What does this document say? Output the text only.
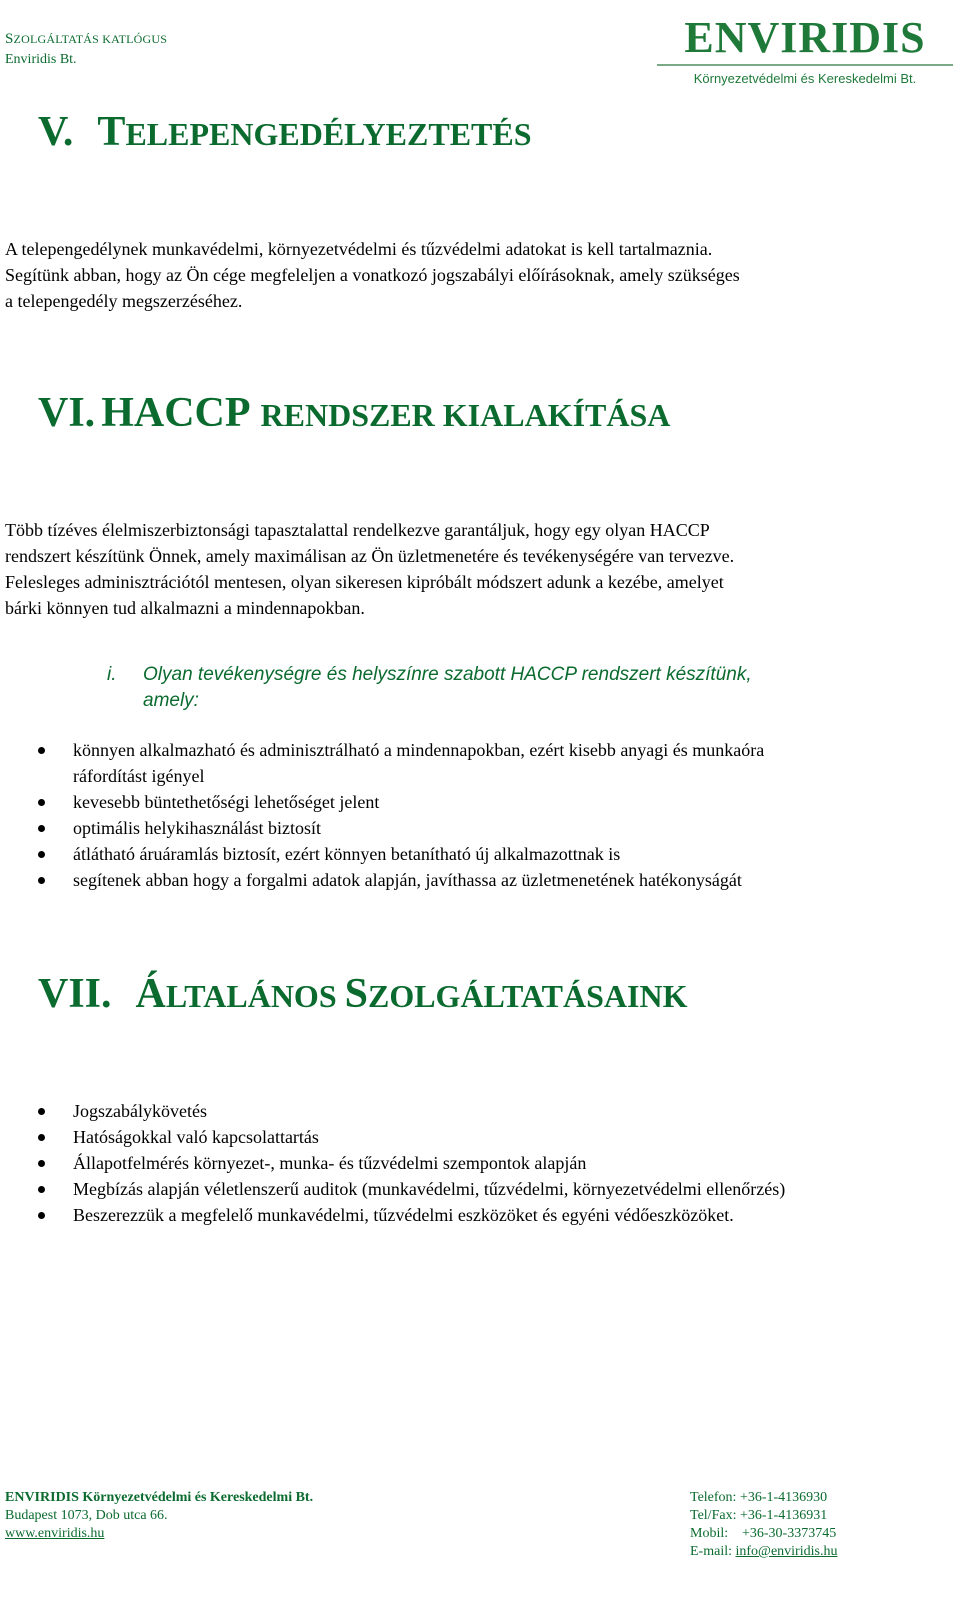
SZOLGÁLTATÁS KATLÓGUS
Enviridis Bt.	ENVIRIDIS
Környezetvédelmi és Kereskedelmi Bt.
V. TELEPENGEDÉLYEZTETÉS
A telepengedélynek munkavédelmi, környezetvédelmi és tűzvédelmi adatokat is kell tartalmaznia.
Segítünk abban, hogy az Ön cége megfeleljen a vonatkozó jogszabályi előírásoknak, amely szükséges
a telepengedély megszerzéséhez.
VI. HACCP RENDSZER KIALAKÍTÁSA
Több tízéves élelmiszerbiztonsági tapasztalattal rendelkezve garantáljuk, hogy egy olyan HACCP
rendszert készítünk Önnek, amely maximálisan az Ön üzletmenetére és tevékenységére van tervezve.
Felesleges adminisztrációtól mentesen, olyan sikeresen kipróbált módszert adunk a kezébe, amelyet
bárki könnyen tud alkalmazni a mindennapokban.
i. Olyan tevékenységre és helyszínre szabott HACCP rendszert készítünk,
amely:
könnyen alkalmazható és adminisztrálható a mindennapokban, ezért kisebb anyagi és munkaóra ráfordítást igényel
kevesebb büntethetőségi lehetőséget jelent
optimális helykihasználást biztosít
átlátható áruáramlás biztosít, ezért könnyen betanítható új alkalmazottnak is
segítenek abban hogy a forgalmi adatok alapján, javíthassa az üzletmenetének hatékonyságát
VII. ÁLTALÁNOS SZOLGÁLTATÁSAINK
Jogszabálykövetés
Hatóságokkal való kapcsolattartás
Állapotfelmérés környezet-, munka- és tűzvédelmi szempontok alapján
Megbízás alapján véletlenszerű auditok (munkavédelmi, tűzvédelmi, környezetvédelmi ellenőrzés)
Beszerezzük a megfelelő munkavédelmi, tűzvédelmi eszközöket és egyéni védőeszközöket.
ENVIRIDIS Környezetvédelmi és Kereskedelmi Bt.
Budapest 1073, Dob utca 66.
www.enviridis.hu
Telefon: +36-1-4136930
Tel/Fax: +36-1-4136931
Mobil: +36-30-3373745
E-mail: info@enviridis.hu
